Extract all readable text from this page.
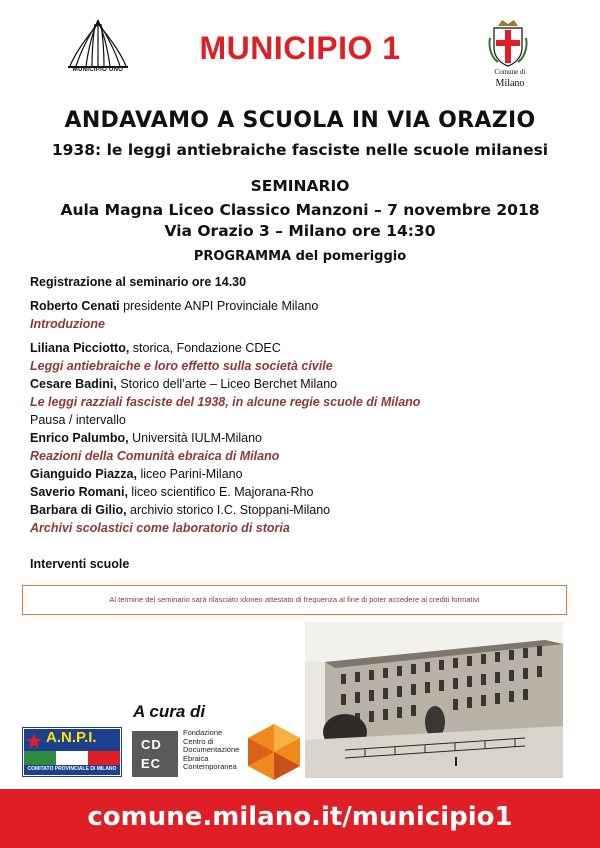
MUNICIPIO UNO
MUNICIPIO 1
Comune di
Milano
ANDAVAMO A SCUOLA IN VIA ORAZIO
1938: le leggi antiebraiche fasciste nelle scuole milanesi
SEMINARIO
Aula Magna Liceo Classico Manzoni – 7 novembre 2018
Via Orazio 3 – Milano ore 14:30
PROGRAMMA del pomeriggio
Registrazione al seminario ore 14.30
Roberto Cenati presidente ANPI Provinciale Milano
Introduzione
Liliana Picciotto, storica, Fondazione CDEC
Leggi antiebraiche e loro effetto sulla società civile
Cesare Badini, Storico dell’arte – Liceo Berchet Milano
Le leggi razziali fasciste del 1938, in alcune regie scuole di Milano
Pausa / intervallo
Enrico Palumbo, Università IULM-Milano
Reazioni della Comunità ebraica di Milano
Gianguido Piazza, liceo Parini-Milano
Saverio Romani, liceo scientifico E. Majorana-Rho
Barbara di Gilio, archivio storico I.C. Stoppani-Milano
Archivi scolastici come laboratorio di storia
Interventi scuole
Al termine del seminario sarà rilasciato idoneo attestato di frequenza al fine di poter accedere ai crediti formativi
A cura di
A.N.P.I.
COMITATO PROVINCIALE DI MILANO
CD
EC
Fondazione
Centro di
Documentazione
Ebraica
Contemporanea
comune.milano.it/municipio1
